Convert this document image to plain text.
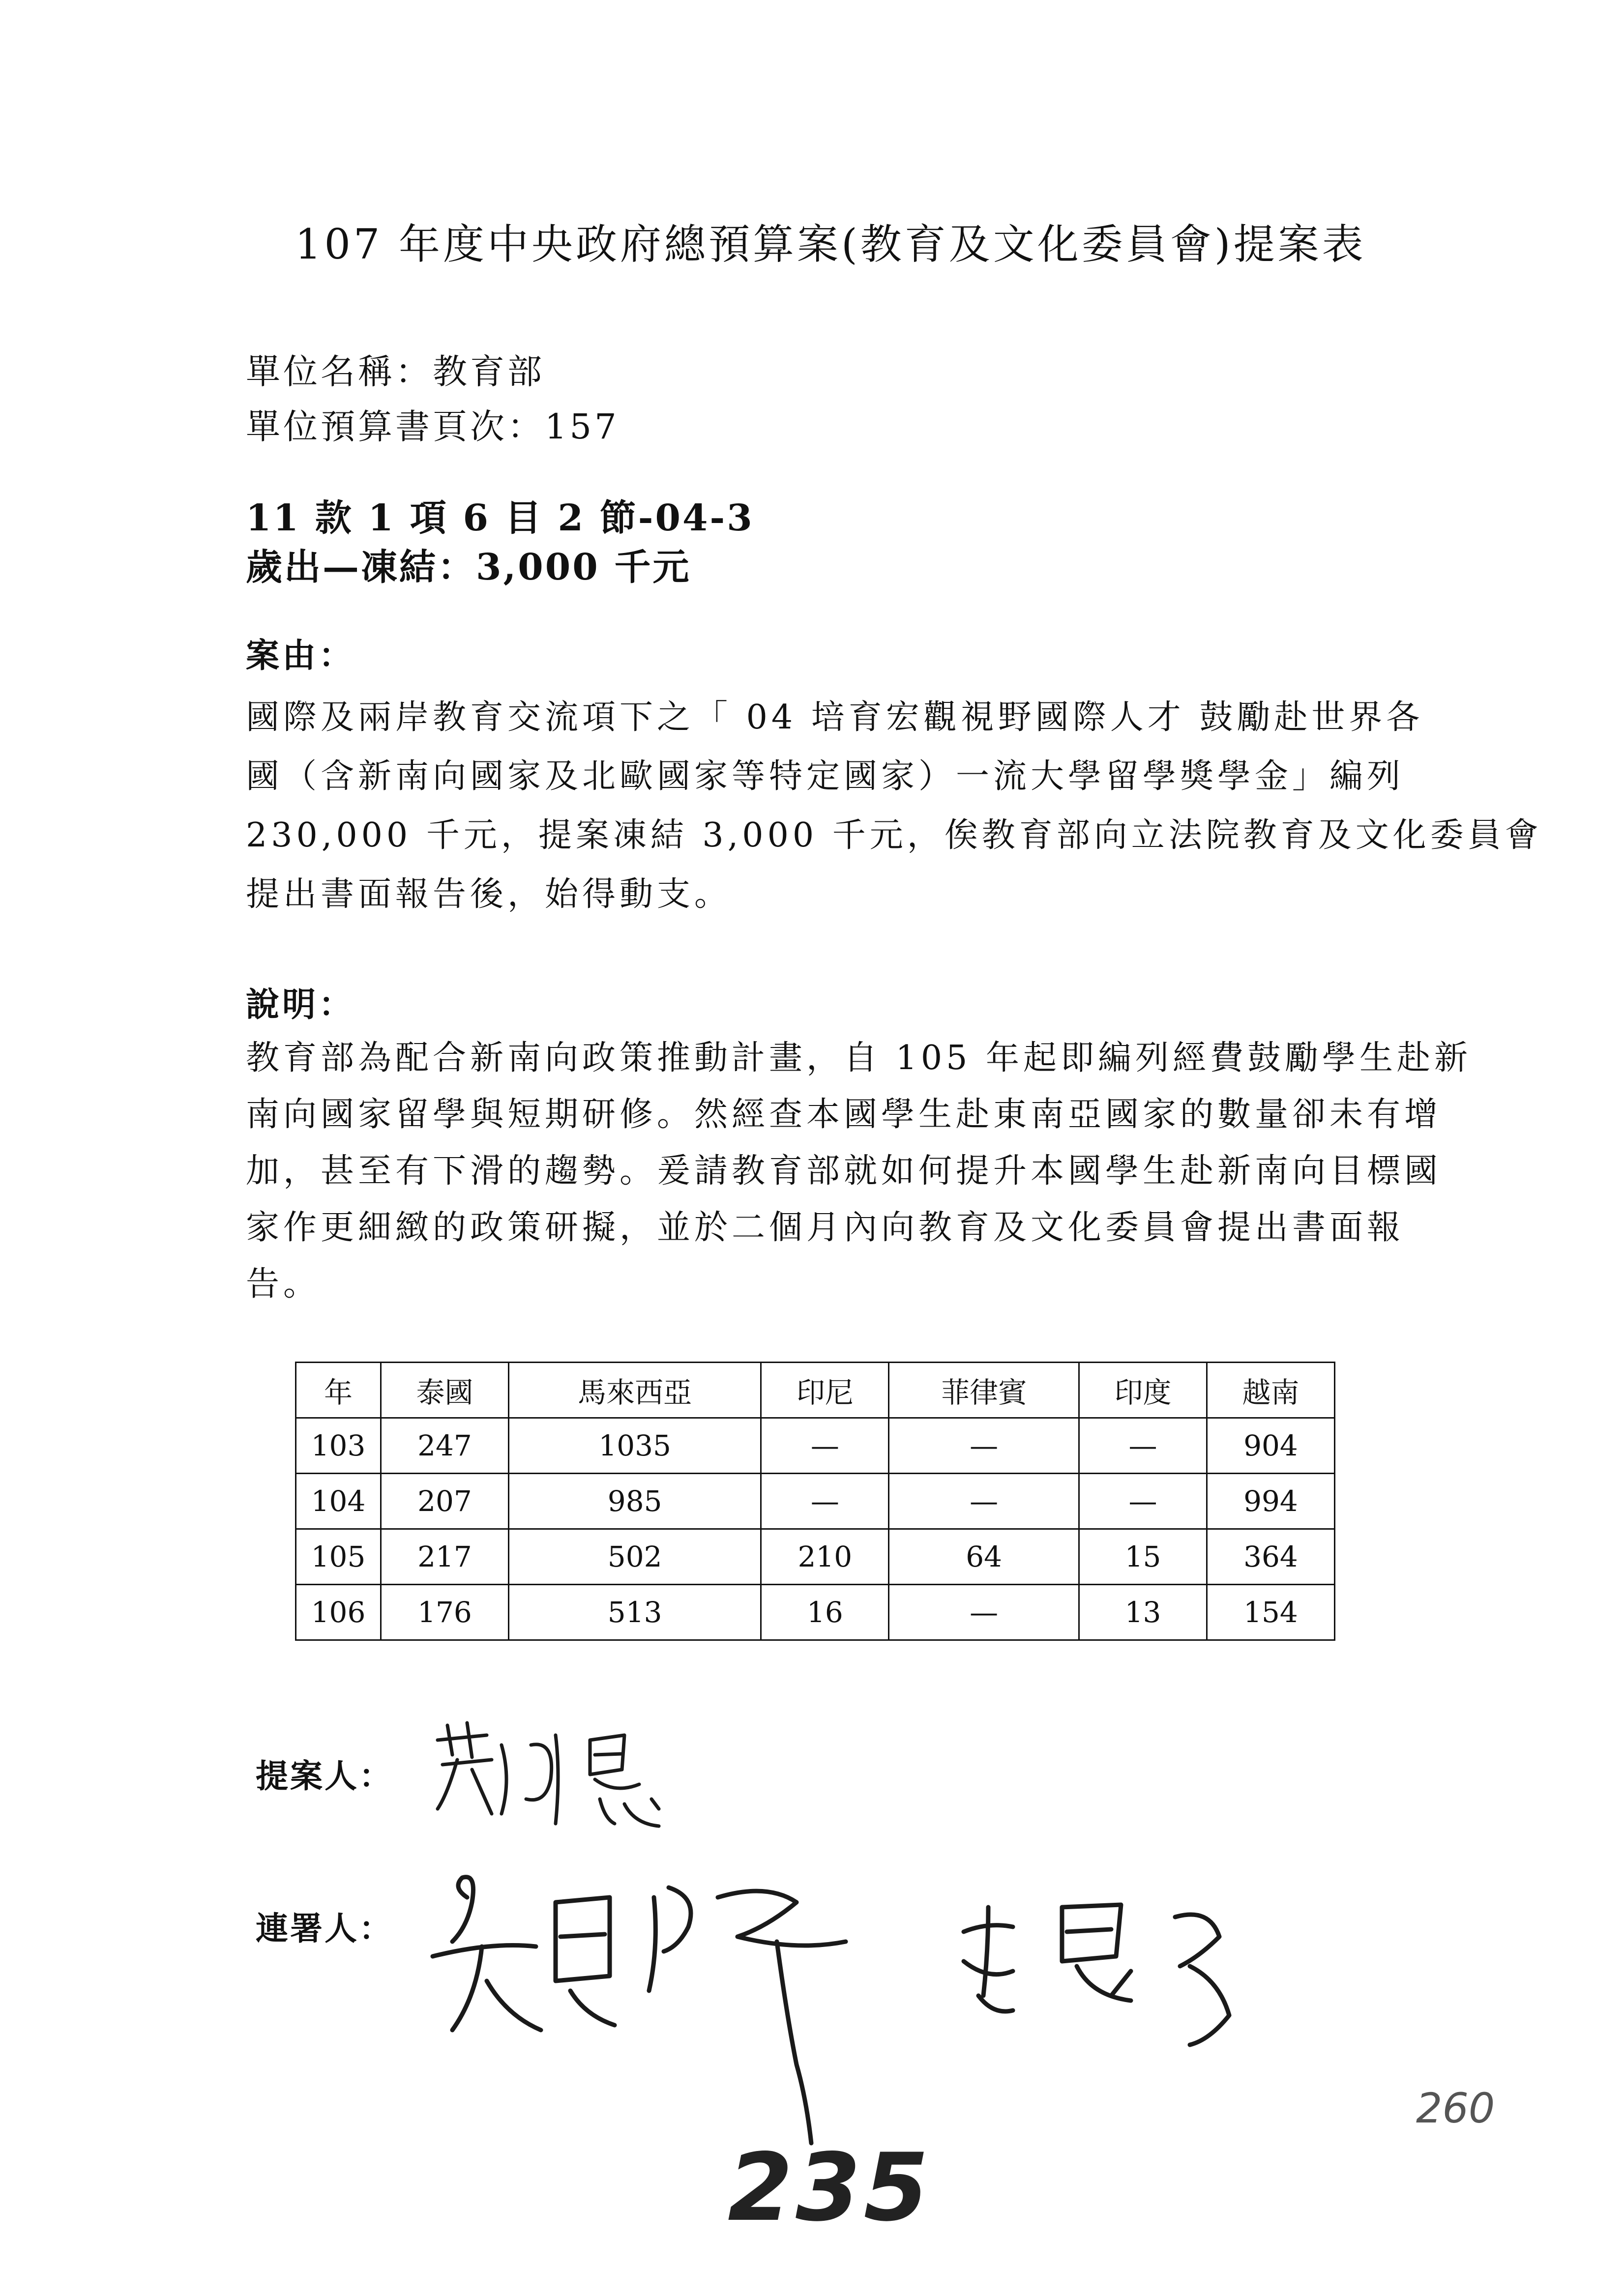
107 年度中央政府總預算案(教育及文化委員會)提案表
單位名稱：教育部
單位預算書頁次：157
11 款 1 項 6 目 2 節-04-3
歲出—凍結：3,000 千元
案由：
國際及兩岸教育交流項下之「 04 培育宏觀視野國際人才 鼓勵赴世界各
國（含新南向國家及北歐國家等特定國家）一流大學留學獎學金」編列
230,000 千元，提案凍結 3,000 千元，俟教育部向立法院教育及文化委員會
提出書面報告後，始得動支。
說明：
教育部為配合新南向政策推動計畫，自 105 年起即編列經費鼓勵學生赴新
南向國家留學與短期研修。然經查本國學生赴東南亞國家的數量卻未有增
加，甚至有下滑的趨勢。爰請教育部就如何提升本國學生赴新南向目標國
家作更細緻的政策研擬，並於二個月內向教育及文化委員會提出書面報
告。
年	泰國	馬來西亞	印尼	菲律賓	印度	越南
103	247	1035	—	—	—	904
104	207	985	—	—	—	994
105	217	502	210	64	15	364
106	176	513	16	—	13	154
提案人：
連署人：
260
235
